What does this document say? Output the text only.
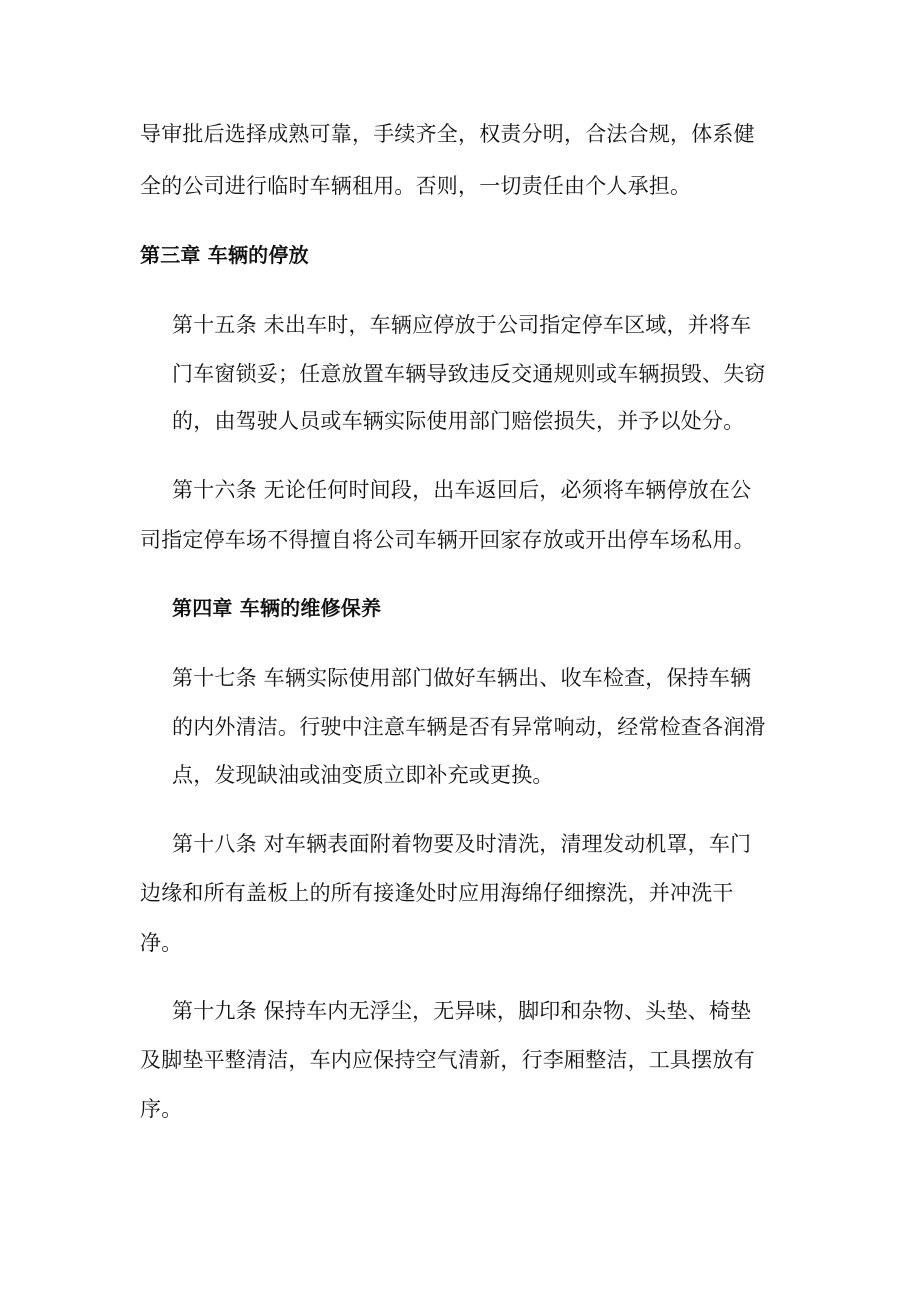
导审批后选择成熟可靠，手续齐全，权责分明，合法合规，体系健
全的公司进行临时车辆租用。否则，一切责任由个人承担。
第三章 车辆的停放
第十五条 未出车时，车辆应停放于公司指定停车区域，并将车
门车窗锁妥；任意放置车辆导致违反交通规则或车辆损毁、失窃
的，由驾驶人员或车辆实际使用部门赔偿损失，并予以处分。
第十六条 无论任何时间段，出车返回后，必须将车辆停放在公
司指定停车场不得擅自将公司车辆开回家存放或开出停车场私用。
第四章 车辆的维修保养
第十七条 车辆实际使用部门做好车辆出、收车检查，保持车辆
的内外清洁。行驶中注意车辆是否有异常响动，经常检查各润滑
点，发现缺油或油变质立即补充或更换。
第十八条 对车辆表面附着物要及时清洗，清理发动机罩，车门
边缘和所有盖板上的所有接逢处时应用海绵仔细擦洗，并冲洗干
净。
第十九条 保持车内无浮尘，无异味，脚印和杂物、头垫、椅垫
及脚垫平整清洁，车内应保持空气清新，行李厢整洁，工具摆放有
序。
